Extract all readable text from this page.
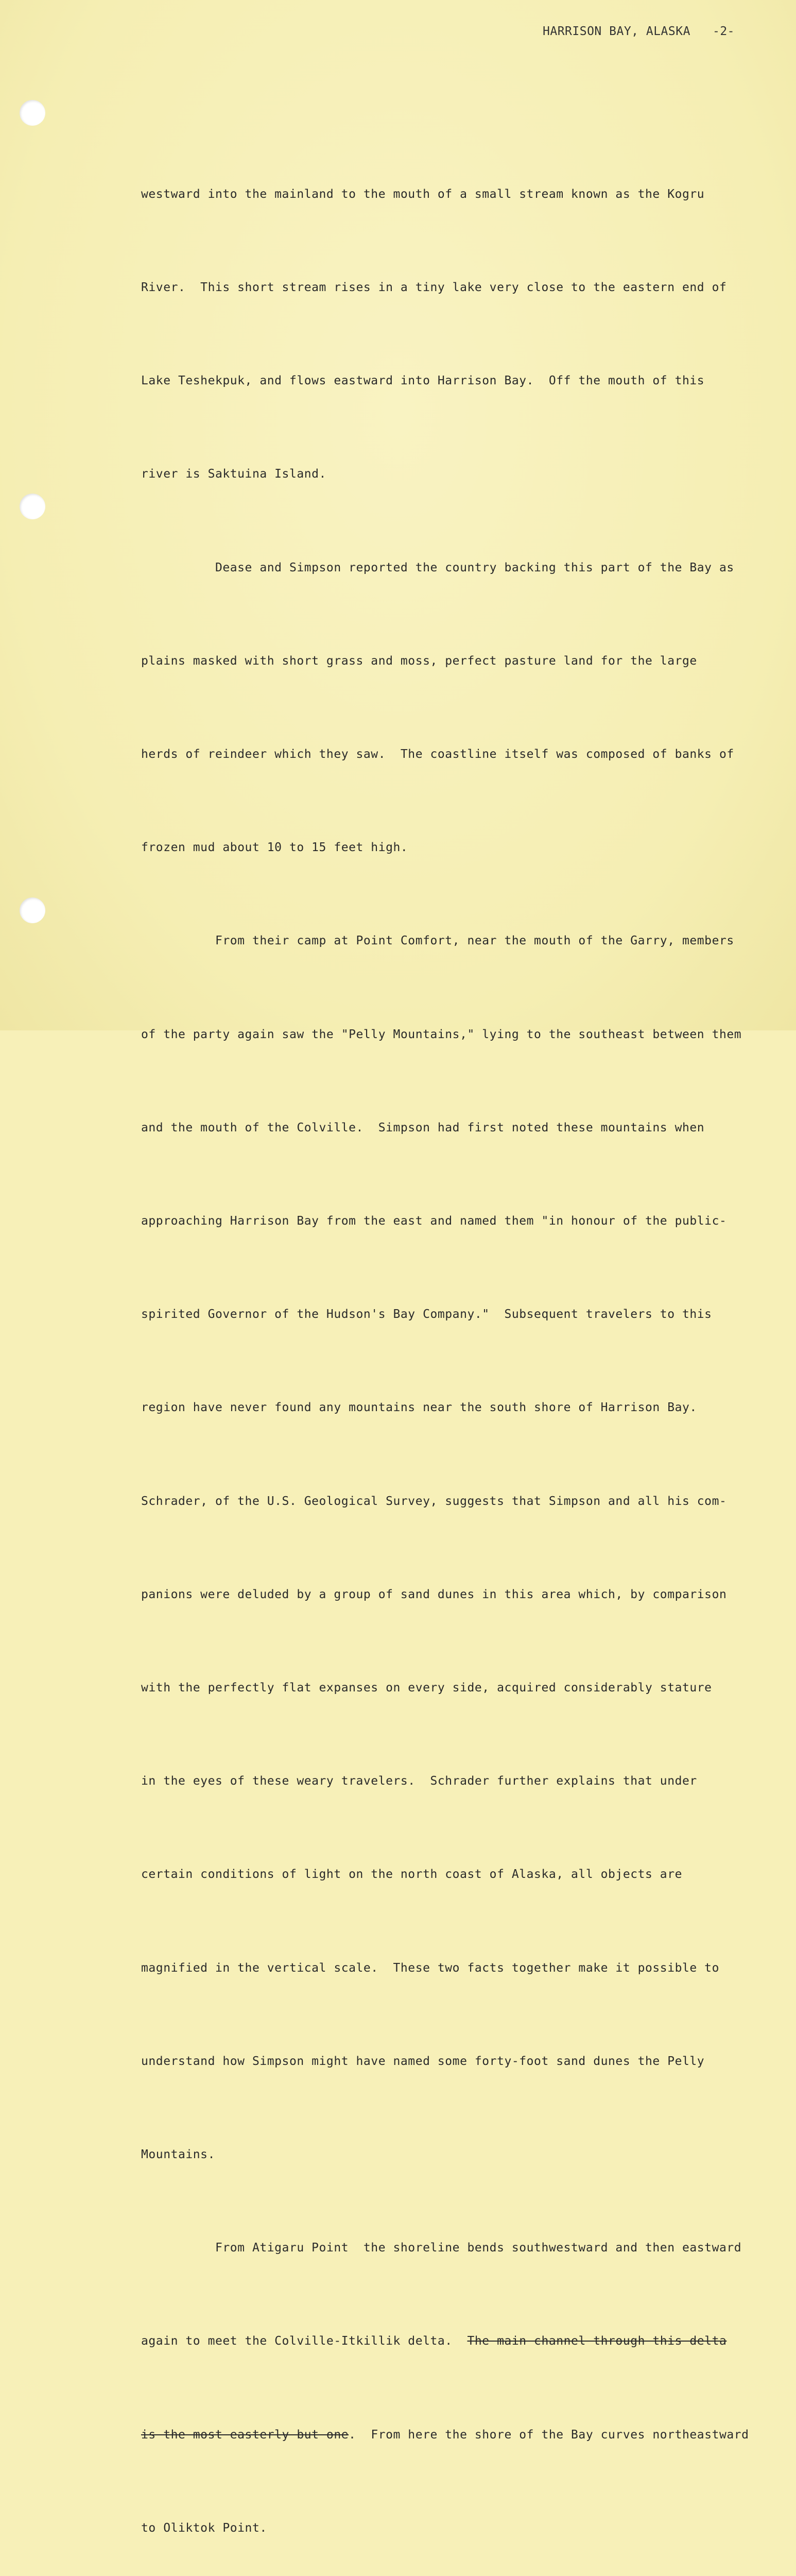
HARRISON BAY, ALASKA   -2-

westward into the mainland to the mouth of a small stream known as the Kogru

River.  This short stream rises in a tiny lake very close to the eastern end of

Lake Teshekpuk, and flows eastward into Harrison Bay.  Off the mouth of this

river is Saktuina Island.

Dease and Simpson reported the country backing this part of the Bay as

plains masked with short grass and moss, perfect pasture land for the large

herds of reindeer which they saw.  The coastline itself was composed of banks of

frozen mud about 10 to 15 feet high.

From their camp at Point Comfort, near the mouth of the Garry, members

of the party again saw the "Pelly Mountains," lying to the southeast between them

and the mouth of the Colville.  Simpson had first noted these mountains when

approaching Harrison Bay from the east and named them "in honour of the public-

spirited Governor of the Hudson's Bay Company."  Subsequent travelers to this

region have never found any mountains near the south shore of Harrison Bay.

Schrader, of the U.S. Geological Survey, suggests that Simpson and all his com-

panions were deluded by a group of sand dunes in this area which, by comparison

with the perfectly flat expanses on every side, acquired considerably stature

in the eyes of these weary travelers.  Schrader further explains that under

certain conditions of light on the north coast of Alaska, all objects are

magnified in the vertical scale.  These two facts together make it possible to

understand how Simpson might have named some forty-foot sand dunes the Pelly

Mountains.

From Atigaru Point  the shoreline bends southwestward and then eastward

again to meet the Colville-Itkillik delta.  The main channel through this delta

is the most easterly but one.  From here the shore of the Bay curves northeastward

to Oliktok Point.
